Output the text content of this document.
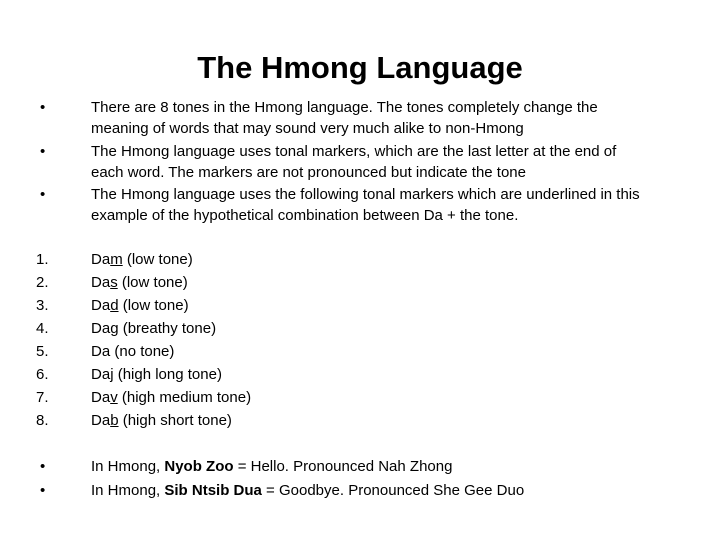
The Hmong Language
•	There are 8 tones in the Hmong language. The tones completely change the
meaning of words that may sound very much alike to non-Hmong
•	The Hmong language uses tonal markers, which are the last letter at the end of
each word. The markers are not pronounced but indicate the tone
•	The Hmong language uses the following tonal markers which are underlined in this
example of the hypothetical combination between Da + the tone.
1.	Dam (low tone)
2.	Das (low tone)
3.	Dad (low tone)
4.	Dag (breathy tone)
5.	Da (no tone)
6.	Daj (high long tone)
7.	Dav (high medium tone)
8.	Dab (high short tone)
•	In Hmong, Nyob Zoo = Hello. Pronounced Nah Zhong
•	In Hmong, Sib Ntsib Dua = Goodbye. Pronounced She Gee Duo
